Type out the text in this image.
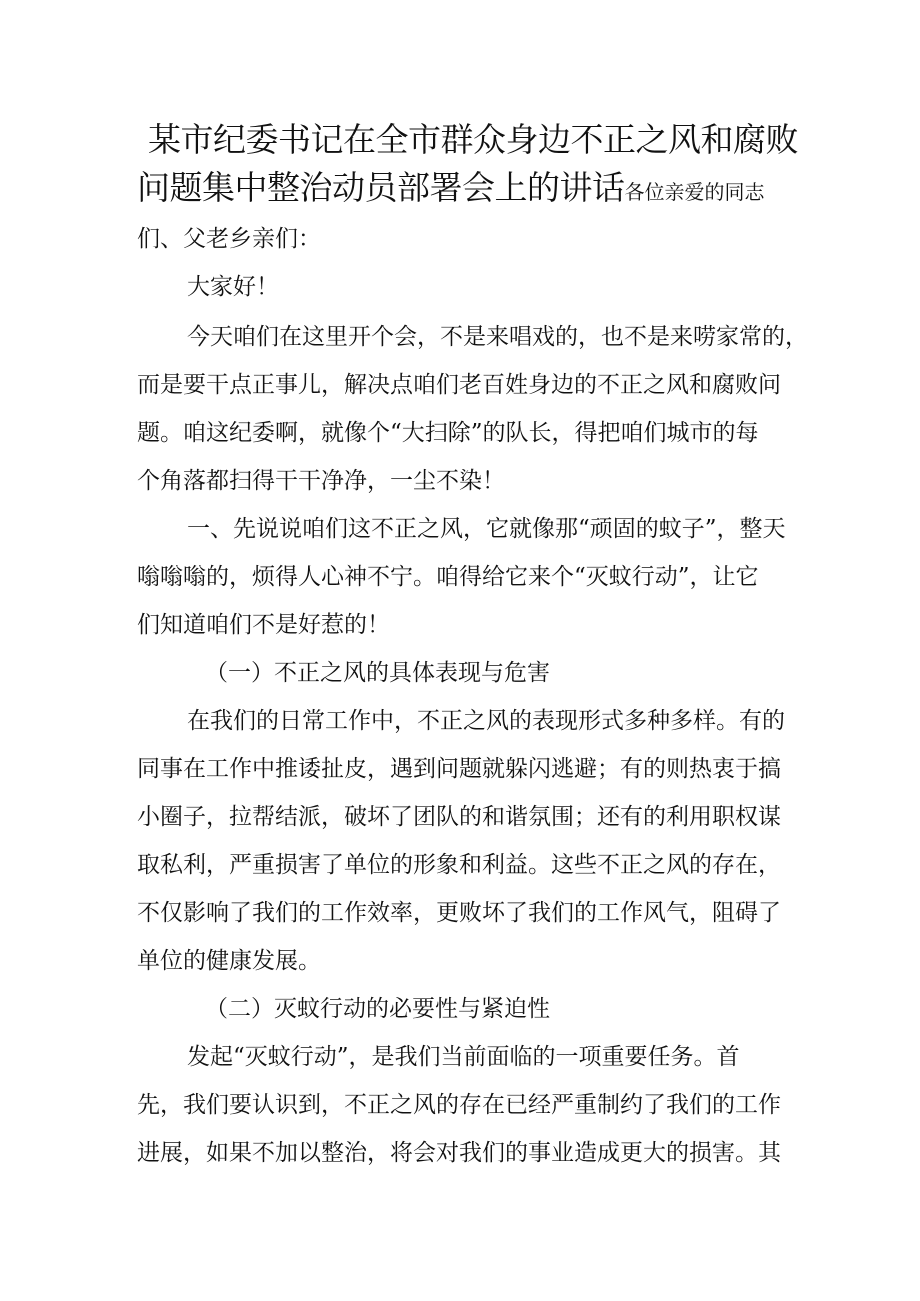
某市纪委书记在全市群众身边不正之风和腐败
问题集中整治动员部署会上的讲话各位亲爱的同志
们、父老乡亲们：
大家好！
今天咱们在这里开个会，不是来唱戏的，也不是来唠家常的，
而是要干点正事儿，解决点咱们老百姓身边的不正之风和腐败问
题。咱这纪委啊，就像个“大扫除”的队长，得把咱们城市的每
个角落都扫得干干净净，一尘不染！
一、先说说咱们这不正之风，它就像那“顽固的蚊子”，整天
嗡嗡嗡的，烦得人心神不宁。咱得给它来个“灭蚊行动”，让它
们知道咱们不是好惹的！
（一）不正之风的具体表现与危害
在我们的日常工作中，不正之风的表现形式多种多样。有的
同事在工作中推诿扯皮，遇到问题就躲闪逃避；有的则热衷于搞
小圈子，拉帮结派，破坏了团队的和谐氛围；还有的利用职权谋
取私利，严重损害了单位的形象和利益。这些不正之风的存在，
不仅影响了我们的工作效率，更败坏了我们的工作风气，阻碍了
单位的健康发展。
（二）灭蚊行动的必要性与紧迫性
发起“灭蚊行动”，是我们当前面临的一项重要任务。首
先，我们要认识到，不正之风的存在已经严重制约了我们的工作
进展，如果不加以整治，将会对我们的事业造成更大的损害。其
